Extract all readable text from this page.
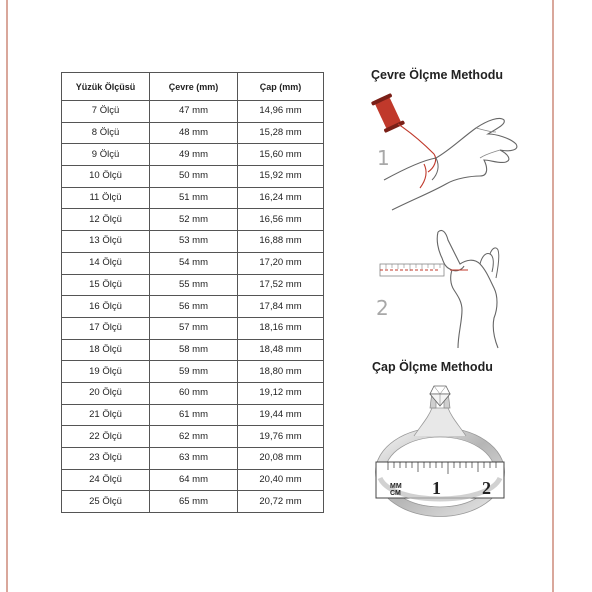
Yüzük Ölçüsü	Çevre (mm)	Çap (mm)
7 Ölçü	47 mm	14,96 mm
8 Ölçü	48 mm	15,28 mm
9 Ölçü	49 mm	15,60 mm
10 Ölçü	50 mm	15,92 mm
11 Ölçü	51 mm	16,24 mm
12 Ölçü	52 mm	16,56 mm
13 Ölçü	53 mm	16,88 mm
14 Ölçü	54 mm	17,20 mm
15 Ölçü	55 mm	17,52 mm
16 Ölçü	56 mm	17,84 mm
17 Ölçü	57 mm	18,16 mm
18 Ölçü	58 mm	18,48 mm
19 Ölçü	59 mm	18,80 mm
20 Ölçü	60 mm	19,12 mm
21 Ölçü	61 mm	19,44 mm
22 Ölçü	62 mm	19,76 mm
23 Ölçü	63 mm	20,08 mm
24 Ölçü	64 mm	20,40 mm
25 Ölçü	65 mm	20,72 mm
Çevre Ölçme Methodu
1
2
Çap Ölçme Methodu
MM
CM 1 2
